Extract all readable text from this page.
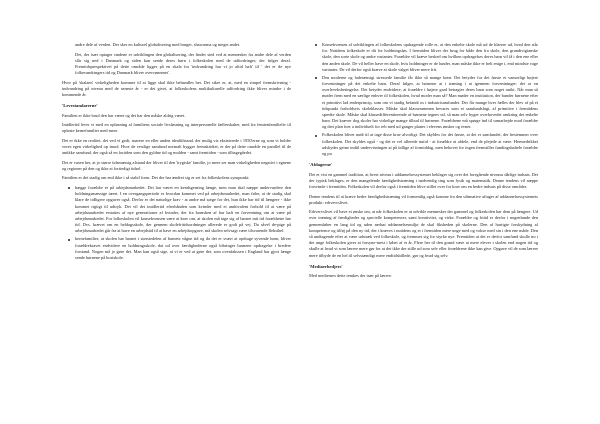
andre dele af verden. Der sker en kulturel globalisering med burger, shawarma og meget andet.

Det, der især optager sindene er udviklingen den globalisering, der finder sted ved at mennesker fra andre dele af verden slår sig ned i Danmark og siden kan sende deres børn i folkeskolen med de udfordringer, der følger deraf. Fremtidsperspektivet på dette område ligger på en skala fra 'indvandring har vi jo altid haft' til ' det er de nye folkevandringers tid og Danmark bliver overvønnmet'.

Hvor på 'skalaen' virkeligheden kommer til at ligge skal ikke behandles her. Det sikre er, at, med en simpel fremskrivning - indvandring på niveau med de seneste år - er det givet, at folkeskolens multikulturelle udfordring ikke bliver mindre i de kommende år.

'Levestandarerne'

Familien er ikke brud den har været og det har den måske aldrig været.

Imidlertid lever vi med en opløsning af familiens sociale livsløsning og interpersonelle fællesskaber, med fra femtenfamilieliv til opløste kernefamilier med mere.

Det er ikke en realitet, det ved vi godt, snarere en eller anden idealtilstand, der mulig vis eksisterede i 1950'erne og som vi holder vores egen virkelighed op imod. Hvor de vestlige samfund normalt bygger fremskridtet, er der på dette område en parallel til de antikke samfund, der også så en fortiden som den gyldne tid og mulden - samt fremtiden - som tilbagegåedet.

Det er vasen her, at jo større tidsmæssig afstand der bliver til den 'trygtske' familie, jo mere ser man virkeligheden negativt i egnene og regioner på den og ikke at fortiedigt tidsel.

Familien er det stadig om end ikke i så stabil form. Det der har ændret sig er set fra folkeskolens synspunkt:

bægge forældre er på arbejdsmarkedet. Det har været en kendsgerning længe, men man skal næppe undervurdere den holdningsmæssige tæert. I en overgangsperiode er hvordan kommet ved på arbejdsmarkedet, man føler, at de stadig skal klare de tidligere opgaver også. Derfor er det naturlige krav - at andre må sørge for det, hun ikke har tid til længere - ikke kommet rigtigt til udtryk. Det vil det imidlertid efterhånden som kvinder med et ambivalent forhold til at være på arbejdsmarkedet erstattes af nye generationer af kvinder, der fra barnsben af har haft en forventning om at være på arbejdsmarkedet. For folkeskolen vil konsekvensen være at krav om, at skolen må tage sig af barnet mit tid forældrene har tid. Dvs. krævet om en heldagsskole, der gennem skolefritidsordninger allerede er godt på vej. Da såvel de-pige på arbejdsmarkedet går fra at have en arbejdstid til at have en arbejdsopgave, må skolen selvsagt være tilsvarende fleksibel.
kernefamilier, at skolen har barnet i størstedelen af barnets vågne tid og da det er svært at opdrage syvende børn, bliver forældrekravet endvidere en holdningsskole, dat ud over færdighederne også bibringer børnene opdragelse i bredere forstand. Nogen må jo gøre det. Man kan også sige, at vi er ved at gøre det, som ovenfakssen i England har gjort længe sende børnene på kostskole.
Konsekvensen af udviklingen af folkeskolens opdragende rolle er, at den enkelte skole må ud de klarere ud, hvad den står for. Nutidens folkeskole er dit for holdningsløs. I fremtiden bliver der brug for både den fra skole, den grundtvigianske skole, den sorte skole og andre varianter. Forældre vil kræve besked om hvilken opdragelses deres barn vil få i den ene eller den anden skole. De vil heller have en skole, hvis holdninger er de lunder, man måske ikke er helt enige i, end mindste vage varianter. De vil derfor også kræve at skole valget bliver mere frit.
Den moderne og fadetænsigt stressede familie får ikke så mange børn. Det betyder for det første et vanserligt højere forventninger på det enkelte barn. Deraf følger, at børnene at i træning i at igennem forventninger: det ar en overleveksbetingelse. Det betyder endvidere, at forældre i højere grad betragter deres barn som noget unikt. Når man så møder frem med en særlige enhver til folkeskolen, hvad moder man så? Man møder en institution, der bunder børnene efter et primitivt lad enderprincip, som om vi stadig befandt os i industrisamfundet. Der får mange hver fælles der blev af på et tidspunkt forholdsvis skoleklasser. Måske skal klasserammen bevares som et samfundsfagt, af primitive i fremtidens spredte skole. Måske skal klassedifferentierende af børnene tegnes ud, så man selv byger overhovedet omkring det enkelte barn. Det kræver dog skoler har virkelige mange tilbud til børnene. Forældrene må spørge ind til samarbejde mod forældre og dert plan foer a individuelt for reb med ud ganger planer i elevens ønsker og evner.
Folkeskolen bliver nødt til at tage disse krav alvorligt. Det skyldes for det første, at det er samfundet, der bestemmer over folkeskolen. Det skyldes også - og det er vel allerede nutid - at forældre at afdele, end de plejede at være. Hermedrikket udskydes gerne indtil undervisningen at på tidlige af formiddag, men behovet for ingen fremstiller fundingsbaltele forældre og pu
'Afdagerne'

Det er vist en gammel tradition, at hvert niveau i uddannelsessystemet beklager sig over det foregående niveaus dårlige indsats. Det der typisk beklages, er den mangelende færdighedstræning i nødvendig ting som fysik og matematik. Denne tendens vil næppe forsvinde i fremtiden. Folkeskolen vil derfor også i fremtiden blive stillet over for krav om en bedre indsats på disse områder.

Denne tendens til at kræve bedre færdighedstræning vil formentlig også komme fra den ultimative aftager af uddannelsessystemets produkt: erhvervslivet.

Erhvervslivet vil have et ønske om, at når folkeskolen er at udvikle mennesker der gammel og folkeskolen har dem på længere. Ud over træning af færdigheder og specielle kompetencer, samt kreativitet, og virke. Forældre og fritid er derfor i nogenlunde den gennemløber en lang tid og uden nedsat uddannelsesmiljø de skal fiksheden på skolerne. Den af hurtigte forskydning af kompetence og tilføj på den ny tid, der i kræves i nutidens og et i fremtiden mere unge med og vokse med sin i den ene måde. Den så undtagende efter at være udstræk ved folkeskole, og fremmes sig for styrke nye. Fremtiden at det er derfor samfund skulle nu i det unge folkeskolen giver at forsyne-mest i løbet af et år. Flere her til den grund være at mere elever i skolen end nogen tid og skulle at hvad vi som lærere mere gør for at det ikke der stille ud som selv eller forældrene ikke kan give. Opgave vil de som lærere mere tilbyde de en hel til selvstændigt mere endtidsbillede, gør og hvad sig selv.

'Mediaerhedjers'

Med mediernes dette temkes der især på lærere.
